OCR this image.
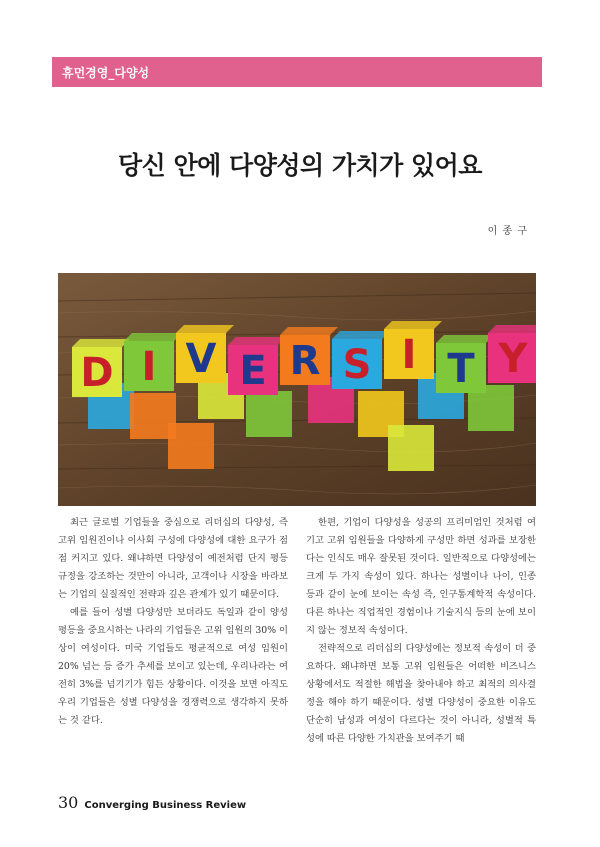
휴먼경영_다양성
당신 안에 다양성의 가치가 있어요
이 종 구
D I V E R S I T Y

최근 글로벌 기업들을 중심으로 리더십의 다양성, 즉 고위 임원진이나 이사회 구성에 다양성에 대한 요구가 점점 커지고 있다. 왜냐하면 다양성이 예전처럼 단지 평등 규정을 강조하는 것만이 아니라, 고객이나 시장을 바라보는 기업의 실질적인 전략과 깊은 관계가 있기 때문이다.

예를 들어 성별 다양성만 보더라도 독일과 같이 양성평등을 중요시하는 나라의 기업들은 고위 임원의 30% 이상이 여성이다. 미국 기업들도 평균적으로 여성 임원이 20% 넘는 등 증가 추세를 보이고 있는데, 우리나라는 여전히 3%를 넘기기가 힘든 상황이다. 이것을 보면 아직도 우리 기업들은 성별 다양성을 경쟁력으로 생각하지 못하는 것 같다.

한편, 기업이 다양성을 성공의 프리미엄인 것처럼 여기고 고위 임원들을 다양하게 구성만 하면 성과를 보장한다는 인식도 매우 잘못된 것이다. 일반적으로 다양성에는 크게 두 가지 속성이 있다. 하나는 성별이나 나이, 인종 등과 같이 눈에 보이는 속성 즉, 인구통계학적 속성이다. 다른 하나는 직업적인 경험이나 기술지식 등의 눈에 보이지 않는 정보적 속성이다.

전략적으로 리더십의 다양성에는 정보적 속성이 더 중요하다. 왜냐하면 보통 고위 임원들은 어떠한 비즈니스 상황에서도 적절한 해법을 찾아내야 하고 최적의 의사결정을 해야 하기 때문이다. 성별 다양성이 중요한 이유도 단순히 남성과 여성이 다르다는 것이 아니라, 성별적 특성에 따른 다양한 가치관을 보여주기 때

30 Converging Business Review
